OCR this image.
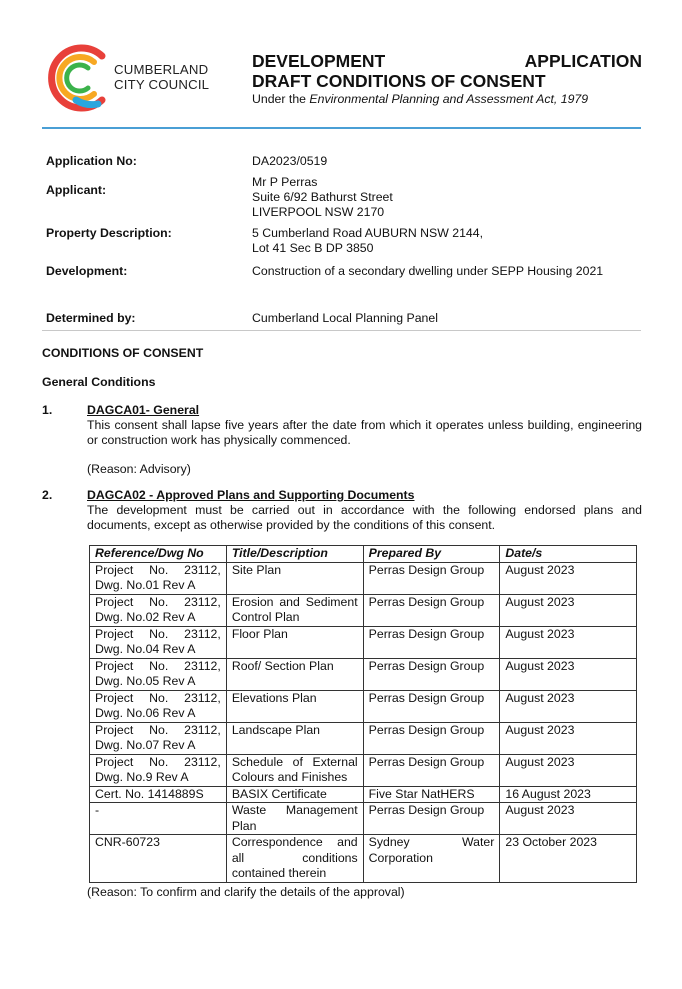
CUMBERLAND
CITY COUNCIL
DEVELOPMENT	APPLICATION
DRAFT CONDITIONS OF CONSENT
Under the Environmental Planning and Assessment Act, 1979
Application No:	DA2023/0519
Applicant:
Mr P Perras
Suite 6/92 Bathurst Street
LIVERPOOL NSW 2170
Property Description:	5 Cumberland Road AUBURN NSW 2144,
Lot 41 Sec B DP 3850
Development:	Construction of a secondary dwelling under SEPP Housing 2021
Determined by:	Cumberland Local Planning Panel
CONDITIONS OF CONSENT
General Conditions
1.	DAGCA01- General
This consent shall lapse five years after the date from which it operates unless building, engineering or construction work has physically commenced.
(Reason: Advisory)
2.	DAGCA02 - Approved Plans and Supporting Documents
The development must be carried out in accordance with the following endorsed plans and documents, except as otherwise provided by the conditions of this consent.
Reference/Dwg No	Title/Description	Prepared By	Date/s

Project No. 23112,
Dwg. No.01 Rev A	Site Plan	Perras Design Group	August 2023

Project No. 23112,
Dwg. No.02 Rev A	Erosion and Sediment
Control Plan	Perras Design Group	August 2023

Project No. 23112,
Dwg. No.04 Rev A	Floor Plan	Perras Design Group	August 2023

Project No. 23112,
Dwg. No.05 Rev A	Roof/ Section Plan	Perras Design Group	August 2023

Project No. 23112,
Dwg. No.06 Rev A	Elevations Plan	Perras Design Group	August 2023

Project No. 23112,
Dwg. No.07 Rev A	Landscape Plan	Perras Design Group	August 2023

Project No. 23112,
Dwg. No.9 Rev A	Schedule of External
Colours and Finishes	Perras Design Group	August 2023

Cert. No. 1414889S	BASIX Certificate	Five Star NatHERS	16 August 2023

-	Waste Management
Plan	Perras Design Group	August 2023

CNR-60723	Correspondence and
all conditions
contained therein	Sydney Water
Corporation	23 October 2023
(Reason: To confirm and clarify the details of the approval)
